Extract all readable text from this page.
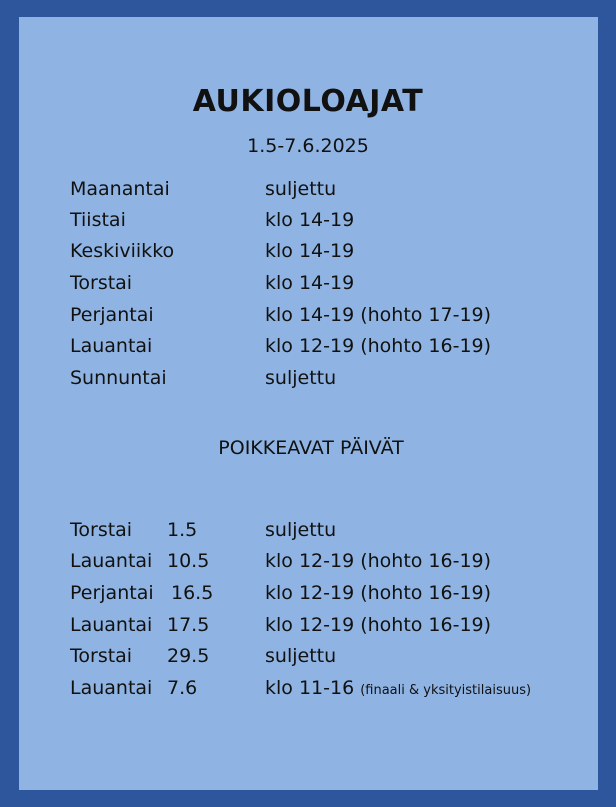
AUKIOLOAJAT
1.5-7.6.2025
Maanantai	suljettu
Tiistai	klo 14-19
Keskiviikko	klo 14-19
Torstai	klo 14-19
Perjantai	klo 14-19 (hohto 17-19)
Lauantai	klo 12-19 (hohto 16-19)
Sunnuntai	suljettu
POIKKEAVAT PÄIVÄT
Torstai 1.5	suljettu
Lauantai 10.5	klo 12-19 (hohto 16-19)
Perjantai 16.5	klo 12-19 (hohto 16-19)
Lauantai 17.5	klo 12-19 (hohto 16-19)
Torstai 29.5	suljettu
Lauantai 7.6	klo 11-16 (finaali & yksityistilaisuus)
